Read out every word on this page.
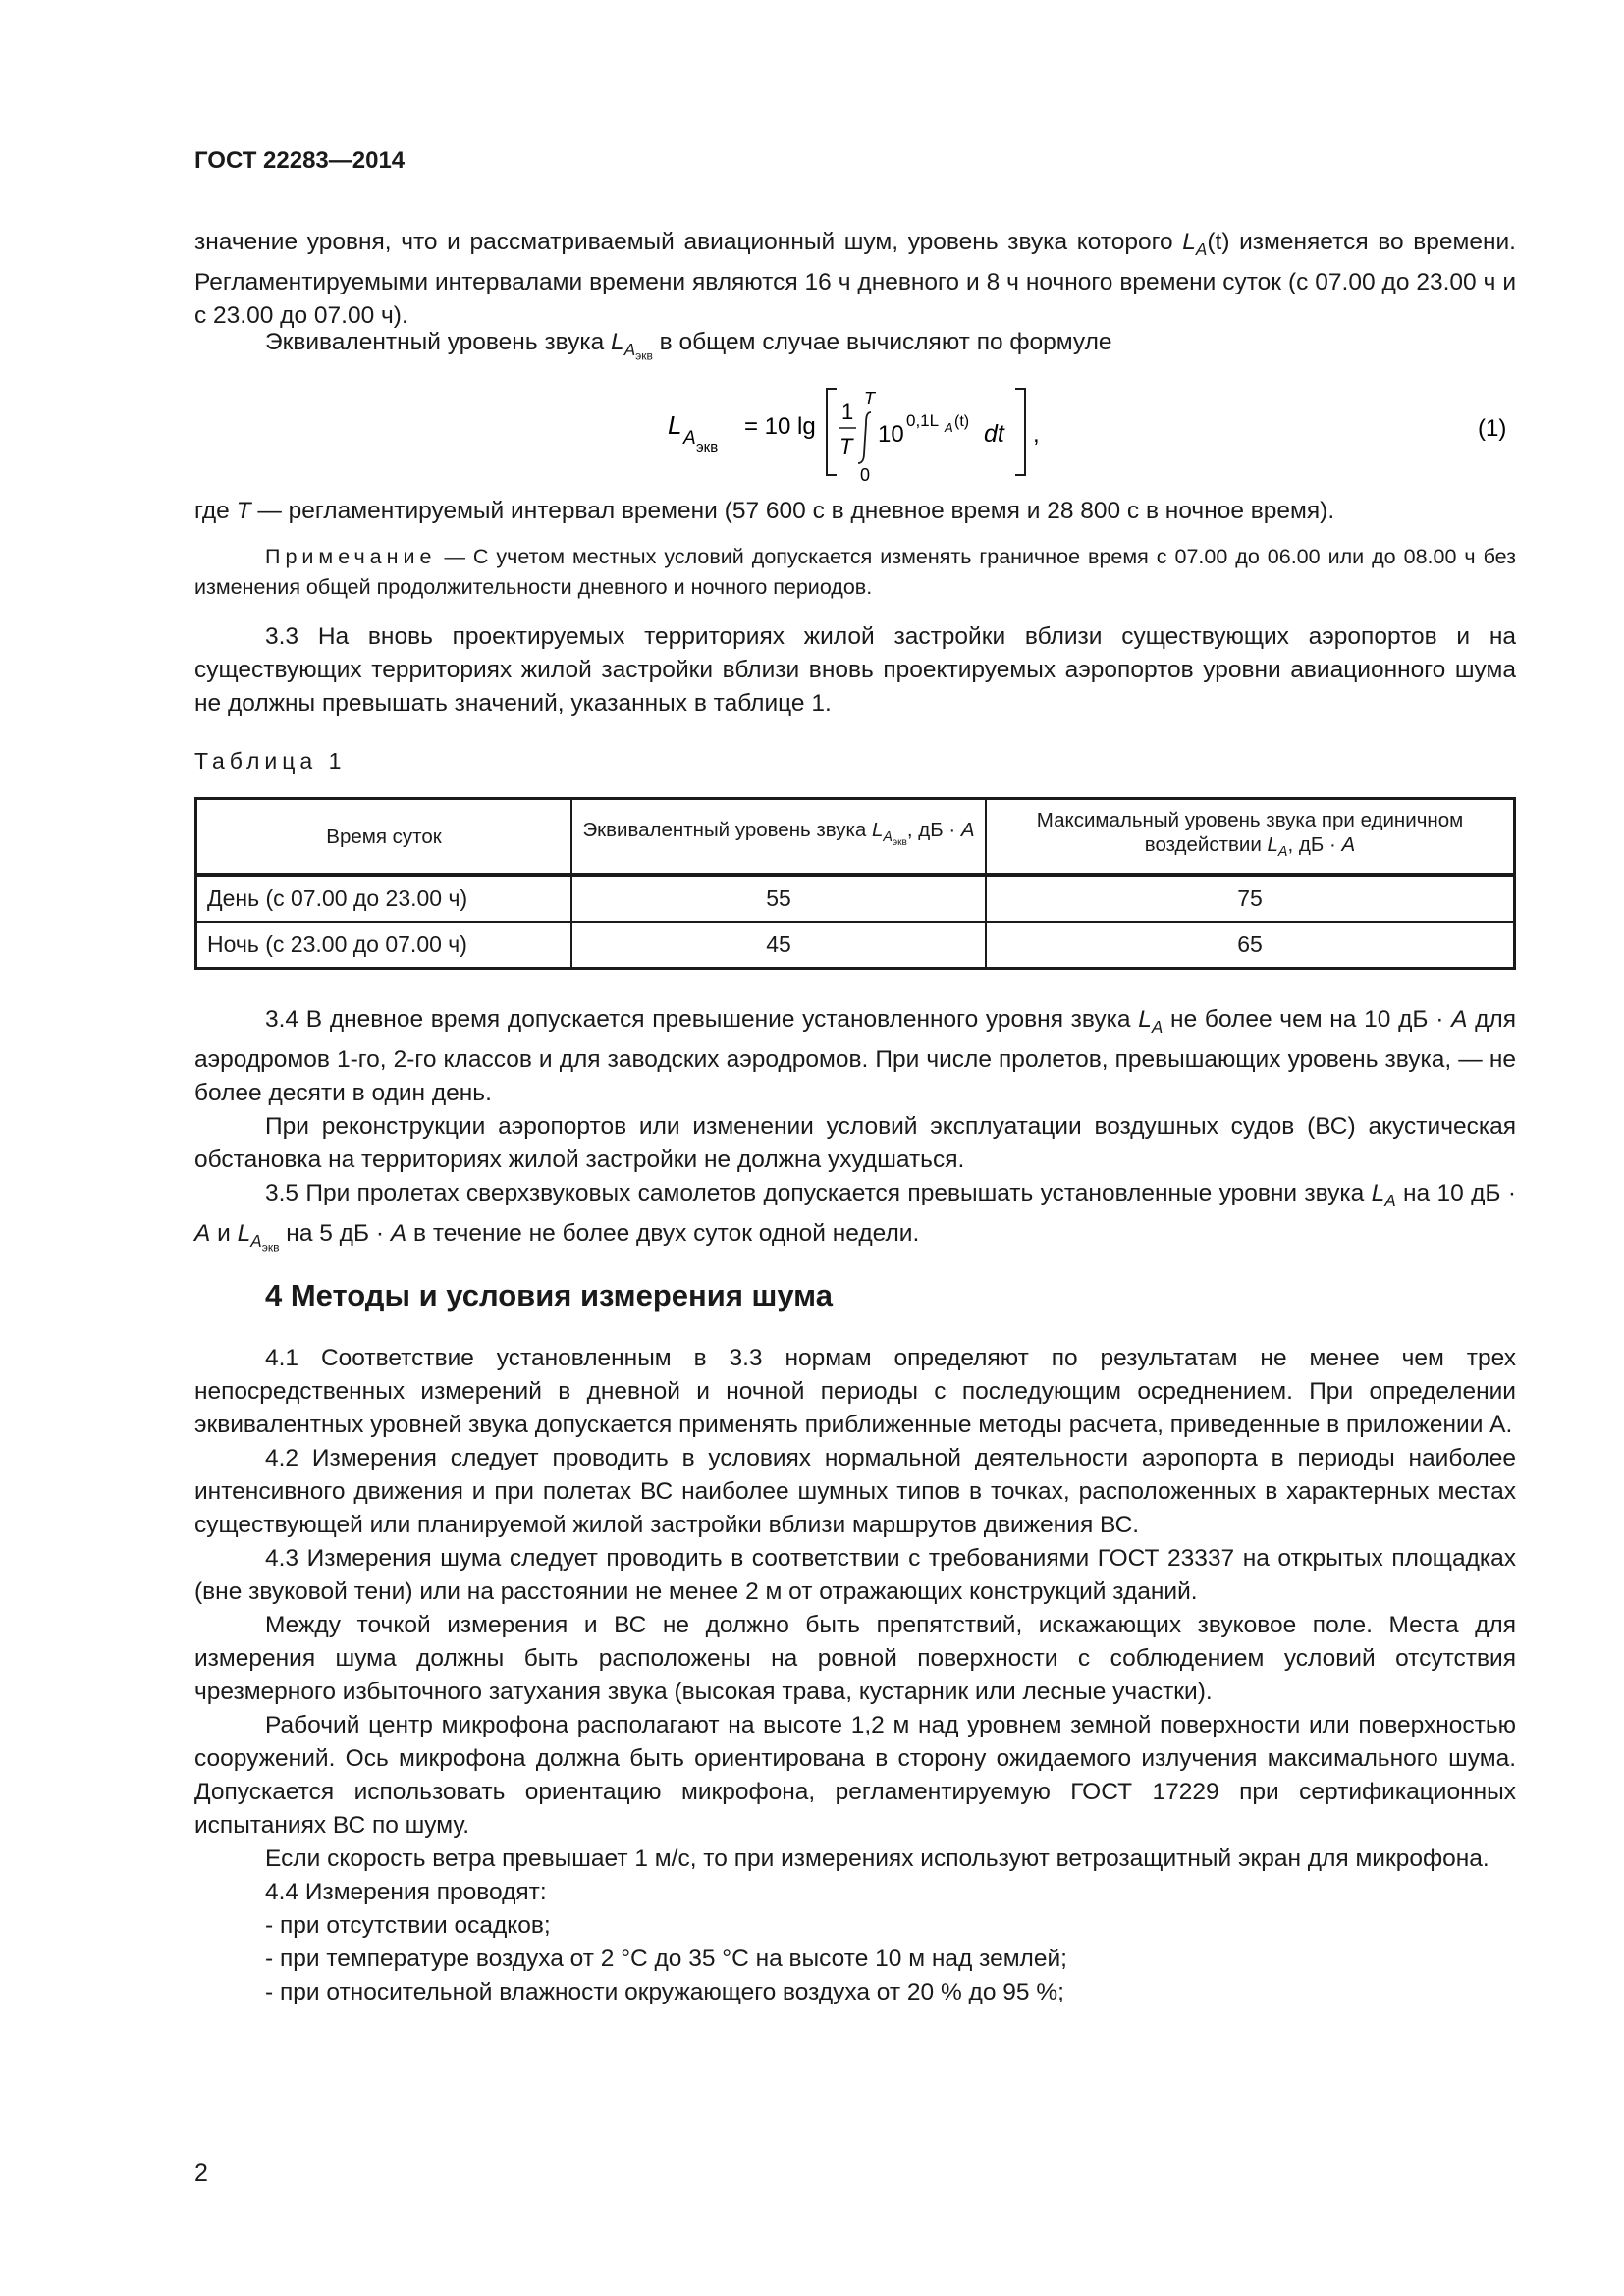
ГОСТ 22283—2014

значение уровня, что и рассматриваемый авиационный шум, уровень звука которого $L_A(t)$ изменяется во времени. Регламентируемыми интервалами времени являются 16 ч дневного и 8 ч ночного времени суток (с 07.00 до 23.00 ч и с 23.00 до 07.00 ч).

Эквивалентный уровень звука $L_{A_{экв}}$ в общем случае вычисляют по формуле

L A экв
= 10 lg
1
T
T
0
10
0,1L A (t) dt ,	(1)

где T — регламентируемый интервал времени (57 600 с в дневное время и 28 800 с в ночное время).

Примечание — С учетом местных условий допускается изменять граничное время с 07.00 до 06.00 или до 08.00 ч без изменения общей продолжительности дневного и ночного периодов.

3.3 На вновь проектируемых территориях жилой застройки вблизи существующих аэропортов и на существующих территориях жилой застройки вблизи вновь проектируемых аэропортов уровни авиационного шума не должны превышать значений, указанных в таблице 1.

Таблица 1
Время суток	Эквивалентный уровень звука $L_{A_{экв}}$, дБ · A	Максимальный уровень звука при единичном воздействии $L_A$, дБ · A
День (с 07.00 до 23.00 ч)	55	75
Ночь (с 23.00 до 07.00 ч)	45	65

3.4 В дневное время допускается превышение установленного уровня звука $L_A$ не более чем на 10 дБ · A для аэродромов 1-го, 2-го классов и для заводских аэродромов. При числе пролетов, превышающих уровень звука, — не более десяти в один день.

При реконструкции аэропортов или изменении условий эксплуатации воздушных судов (ВС) акустическая обстановка на территориях жилой застройки не должна ухудшаться.

3.5 При пролетах сверхзвуковых самолетов допускается превышать установленные уровни звука $L_A$ на 10 дБ · A и $L_{A_{экв}}$ на 5 дБ · A в течение не более двух суток одной недели.

4 Методы и условия измерения шума

4.1 Соответствие установленным в 3.3 нормам определяют по результатам не менее чем трех непосредственных измерений в дневной и ночной периоды с последующим осреднением. При определении эквивалентных уровней звука допускается применять приближенные методы расчета, приведенные в приложении А.

4.2 Измерения следует проводить в условиях нормальной деятельности аэропорта в периоды наиболее интенсивного движения и при полетах ВС наиболее шумных типов в точках, расположенных в характерных местах существующей или планируемой жилой застройки вблизи маршрутов движения ВС.

4.3 Измерения шума следует проводить в соответствии с требованиями ГОСТ 23337 на открытых площадках (вне звуковой тени) или на расстоянии не менее 2 м от отражающих конструкций зданий.

Между точкой измерения и ВС не должно быть препятствий, искажающих звуковое поле. Места для измерения шума должны быть расположены на ровной поверхности с соблюдением условий отсутствия чрезмерного избыточного затухания звука (высокая трава, кустарник или лесные участки).

Рабочий центр микрофона располагают на высоте 1,2 м над уровнем земной поверхности или поверхностью сооружений. Ось микрофона должна быть ориентирована в сторону ожидаемого излучения максимального шума. Допускается использовать ориентацию микрофона, регламентируемую ГОСТ 17229 при сертификационных испытаниях ВС по шуму.

Если скорость ветра превышает 1 м/с, то при измерениях используют ветрозащитный экран для микрофона.

4.4 Измерения проводят:

- при отсутствии осадков;
- при температуре воздуха от 2 °С до 35 °С на высоте 10 м над землей;
- при относительной влажности окружающего воздуха от 20 % до 95 %;
2
